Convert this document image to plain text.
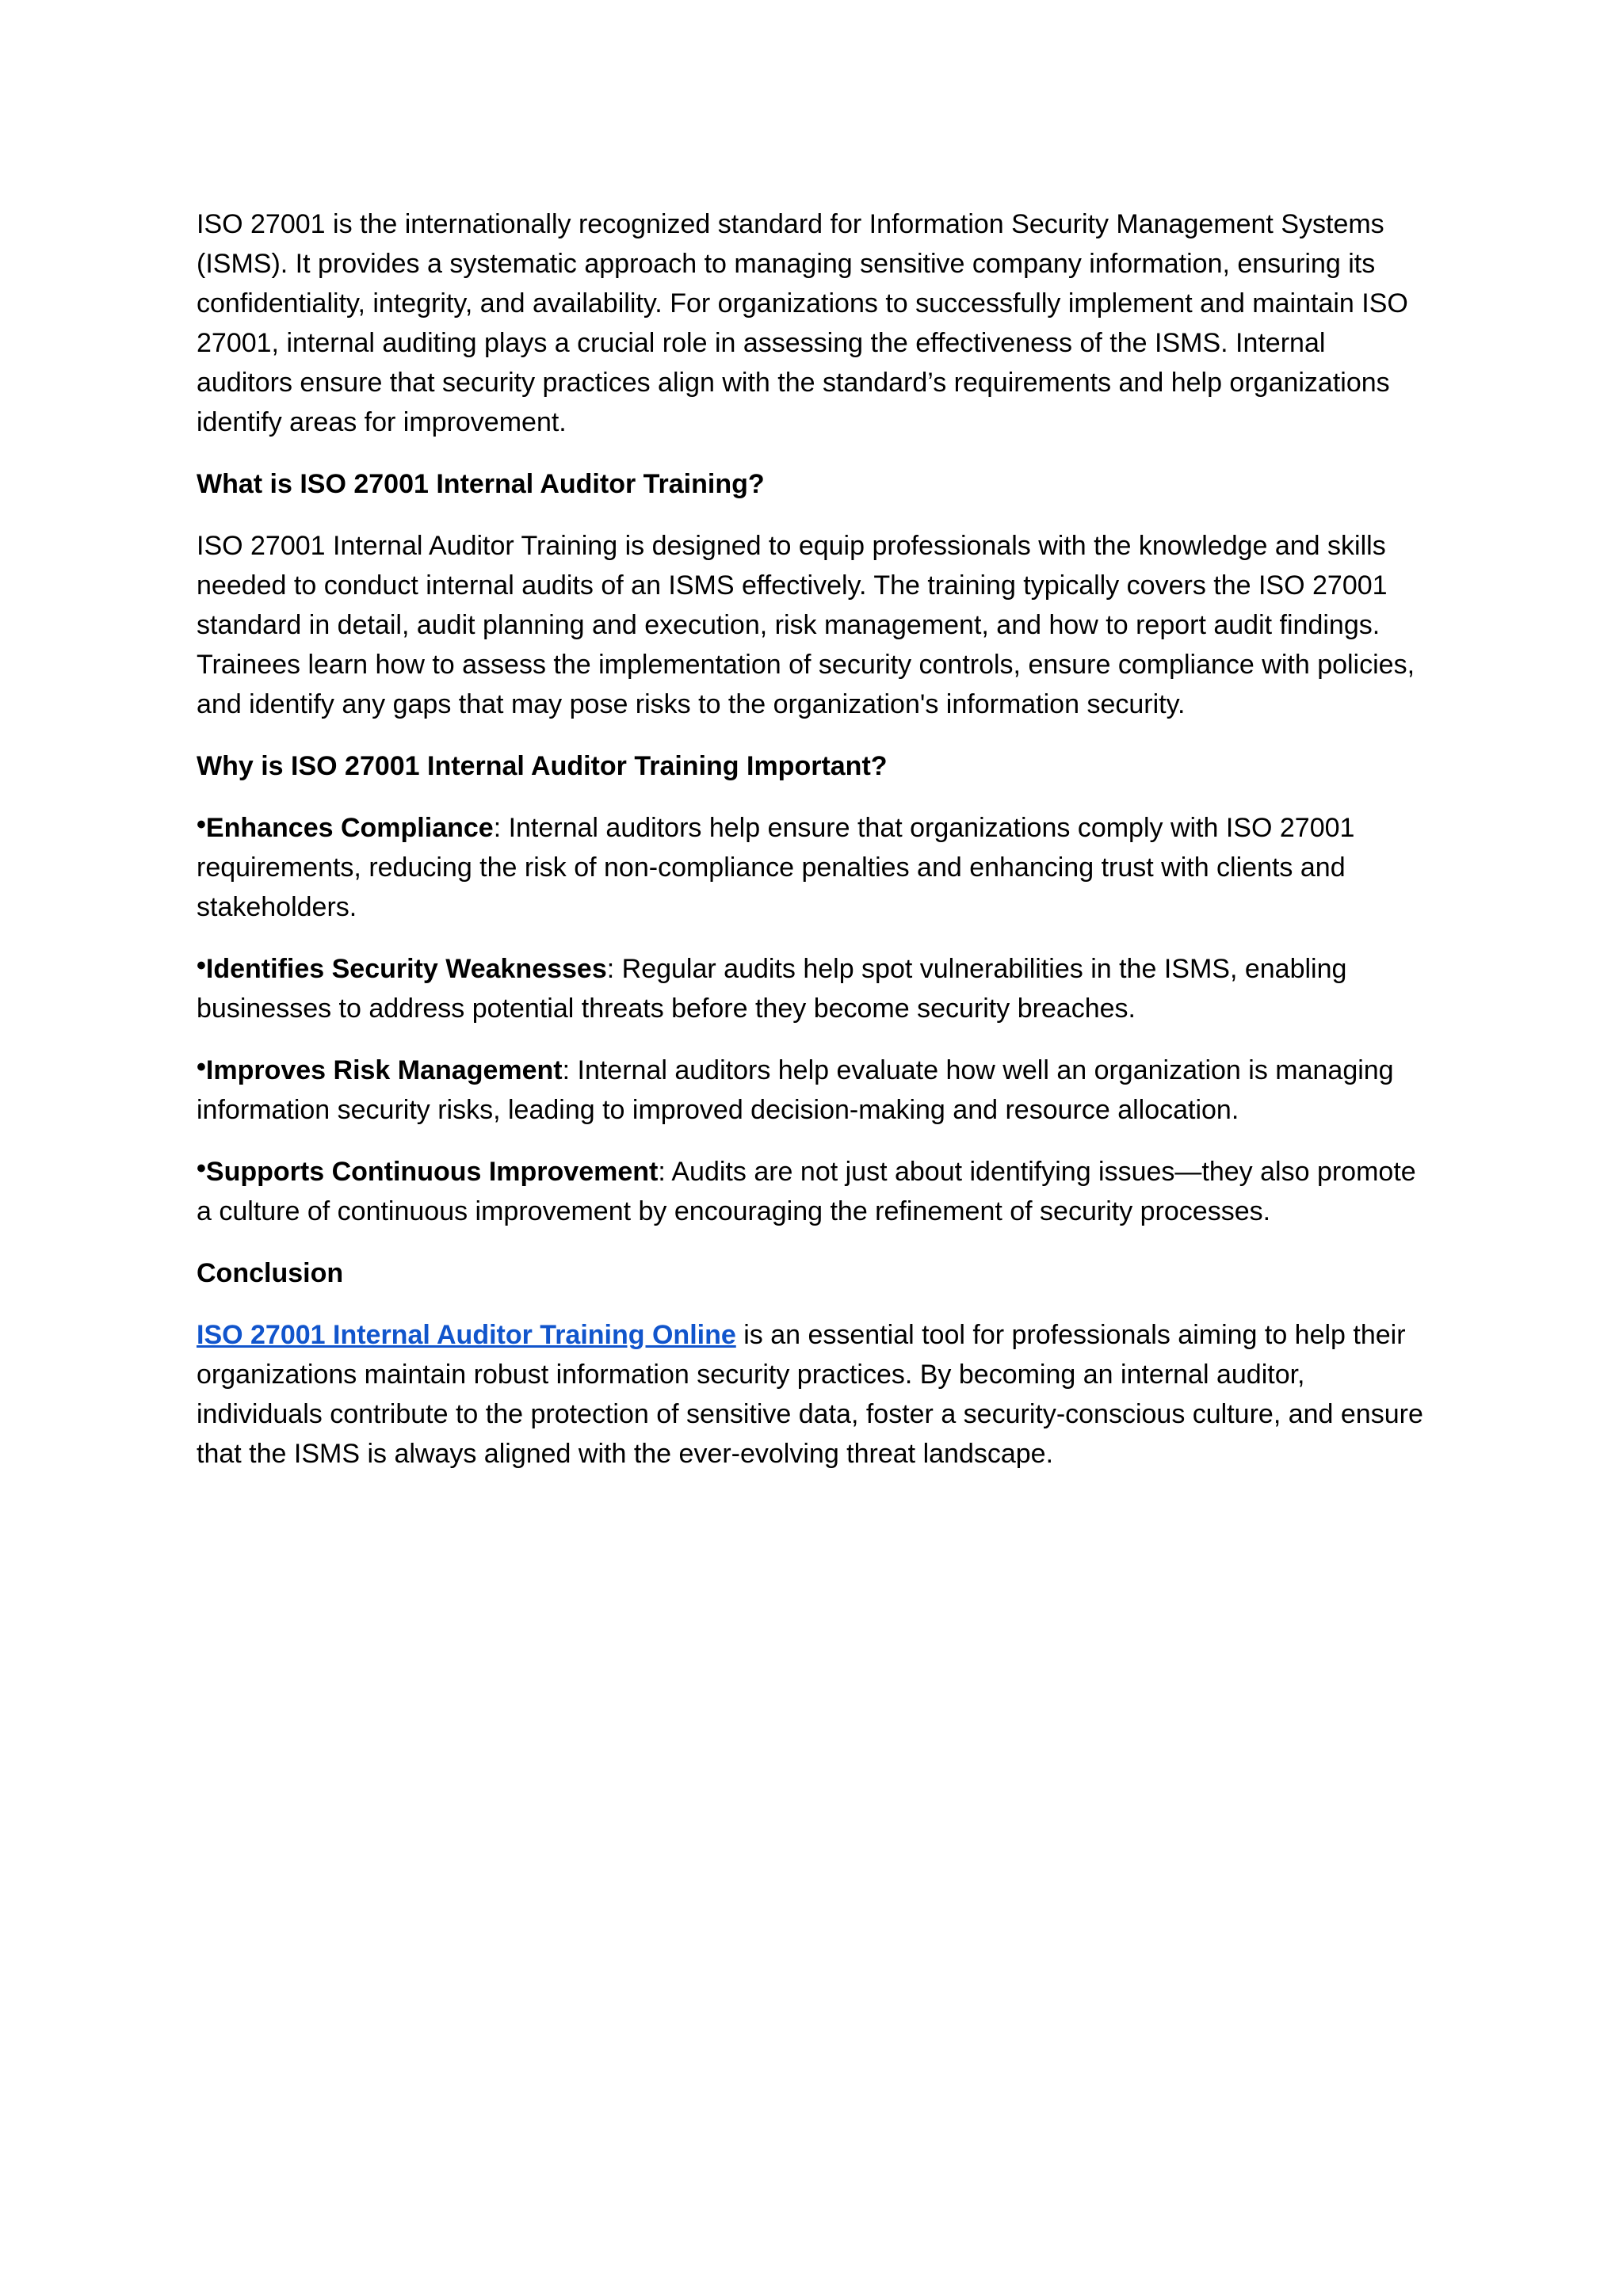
ISO 27001 is the internationally recognized standard for Information Security Management Systems (ISMS). It provides a systematic approach to managing sensitive company information, ensuring its confidentiality, integrity, and availability. For organizations to successfully implement and maintain ISO 27001, internal auditing plays a crucial role in assessing the effectiveness of the ISMS. Internal auditors ensure that security practices align with the standard’s requirements and help organizations identify areas for improvement.

What is ISO 27001 Internal Auditor Training?

ISO 27001 Internal Auditor Training is designed to equip professionals with the knowledge and skills needed to conduct internal audits of an ISMS effectively. The training typically covers the ISO 27001 standard in detail, audit planning and execution, risk management, and how to report audit findings. Trainees learn how to assess the implementation of security controls, ensure compliance with policies, and identify any gaps that may pose risks to the organization's information security.

Why is ISO 27001 Internal Auditor Training Important?

•Enhances Compliance: Internal auditors help ensure that organizations comply with ISO 27001 requirements, reducing the risk of non-compliance penalties and enhancing trust with clients and stakeholders.

•Identifies Security Weaknesses: Regular audits help spot vulnerabilities in the ISMS, enabling businesses to address potential threats before they become security breaches.

•Improves Risk Management: Internal auditors help evaluate how well an organization is managing information security risks, leading to improved decision-making and resource allocation.

•Supports Continuous Improvement: Audits are not just about identifying issues—they also promote a culture of continuous improvement by encouraging the refinement of security processes.

Conclusion

ISO 27001 Internal Auditor Training Online is an essential tool for professionals aiming to help their organizations maintain robust information security practices. By becoming an internal auditor, individuals contribute to the protection of sensitive data, foster a security-conscious culture, and ensure that the ISMS is always aligned with the ever-evolving threat landscape.
